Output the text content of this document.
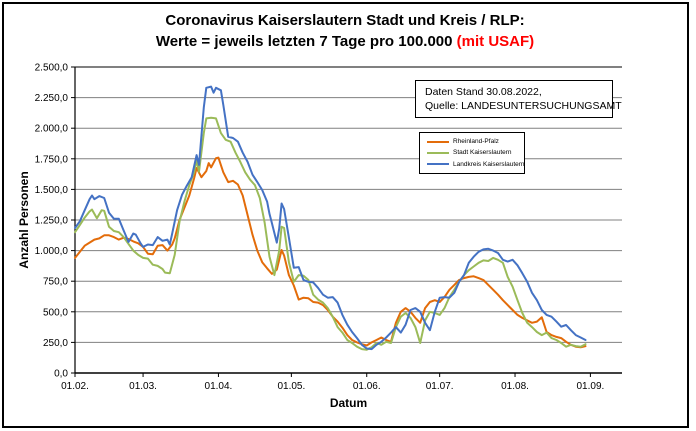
2.500,0
2.250,0
2.000,0
1.750,0
1.500,0
1.250,0
1.000,0
750,0
500,0
250,0
0,0
01.02.	01.03.	01.04.	01.05.	01.06.	01.07.	01.08.	01.09.
Datum
Anzahl Personen
Coronavirus Kaiserslautern Stadt und Kreis / RLP:
Werte = jeweils letzten 7 Tage pro 100.000 (mit USAF)
Daten Stand 30.08.2022,
Quelle: LANDESUNTERSUCHUNGSAMT
Rheinland-Pfalz
Stadt Kaiserslautern
Landkreis Kaiserslautern
